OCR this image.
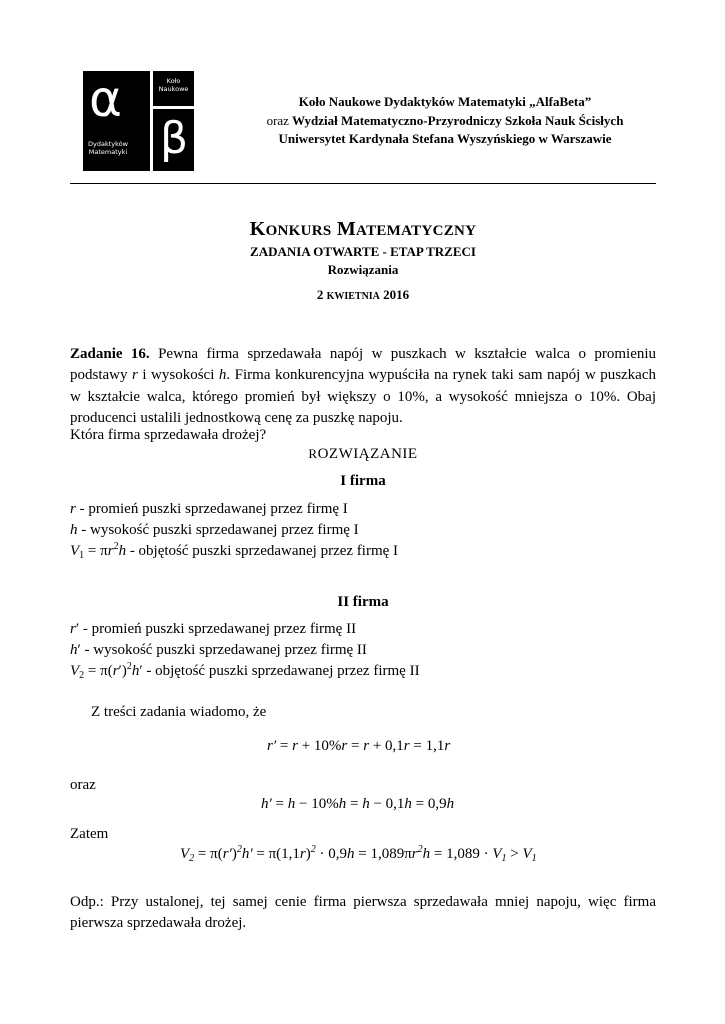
α
β
Koło
Naukowe
Dydaktyków
Matematyki
Koło Naukowe Dydaktyków Matematyki „AlfaBeta”
oraz Wydział Matematyczno-Przyrodniczy Szkoła Nauk Ścisłych
Uniwersytet Kardynała Stefana Wyszyńskiego w Warszawie
KONKURS MATEMATYCZNY
ZADANIA OTWARTE - ETAP TRZECI
Rozwiązania
2 KWIETNIA 2016
Zadanie 16. Pewna firma sprzedawała napój w puszkach w kształcie walca o promieniu podstawy r i wysokości h. Firma konkurencyjna wypuściła na rynek taki sam napój w puszkach w kształcie walca, którego promień był większy o 10%, a wysokość mniejsza o 10%. Obaj producenci ustalili jednostkową cenę za puszkę napoju.
Która firma sprzedawała drożej?
ROZWIĄZANIE
I firma
r - promień puszki sprzedawanej przez firmę I
h - wysokość puszki sprzedawanej przez firmę I
$V_1 = \pi r^2h$ - objętość puszki sprzedawanej przez firmę I
II firma
r′ - promień puszki sprzedawanej przez firmę II
h′ - wysokość puszki sprzedawanej przez firmę II
$V_2 = \pi(r')^2h'$ - objętość puszki sprzedawanej przez firmę II
Z treści zadania wiadomo, że
r′ = r + 10%r = r + 0,1r = 1,1r
oraz
h′ = h − 10%h = h − 0,1h = 0,9h
Zatem
$V_2 = \pi(r')^2h' = \pi(1,1r)^2 \cdot 0,9h = 1,089\pi r^2h = 1,089 \cdot V_1 > V_1$
Odp.: Przy ustalonej, tej samej cenie firma pierwsza sprzedawała mniej napoju, więc firma pierwsza sprzedawała drożej.
